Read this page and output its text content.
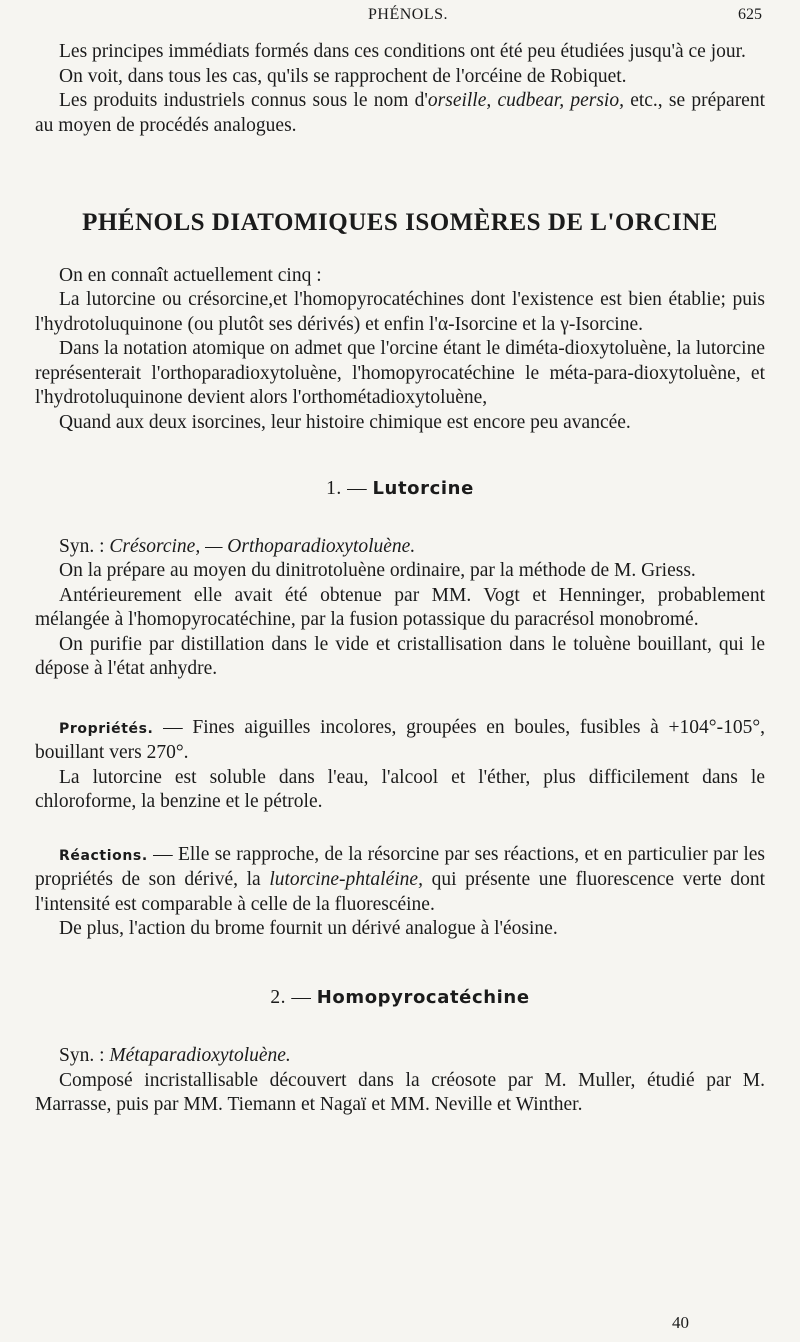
PHÉNOLS.	625

Les principes immédiats formés dans ces conditions ont été peu étudiées jusqu'à ce jour.

On voit, dans tous les cas, qu'ils se rapprochent de l'orcéine de Robiquet.

Les produits industriels connus sous le nom d'orseille, cudbear, persio, etc., se préparent au moyen de procédés analogues.

PHÉNOLS DIATOMIQUES ISOMÈRES DE L'ORCINE

On en connaît actuellement cinq :

La lutorcine ou crésorcine,et l'homopyrocatéchines dont l'existence est bien établie; puis l'hydrotoluquinone (ou plutôt ses dérivés) et enfin l'α-Isorcine et la γ-Isorcine.

Dans la notation atomique on admet que l'orcine étant le diméta-dioxytoluène, la lutorcine représenterait l'orthoparadioxytoluène, l'homopyrocatéchine le méta-para-dioxytoluène, et l'hydrotoluquinone devient alors l'orthométadioxytoluène,

Quand aux deux isorcines, leur histoire chimique est encore peu avancée.

1. — Lutorcine

Syn. : Crésorcine, — Orthoparadioxytoluène.

On la prépare au moyen du dinitrotoluène ordinaire, par la méthode de M. Griess.

Antérieurement elle avait été obtenue par MM. Vogt et Henninger, probablement mélangée à l'homopyrocatéchine, par la fusion potassique du paracrésol monobromé.

On purifie par distillation dans le vide et cristallisation dans le toluène bouillant, qui le dépose à l'état anhydre.

Propriétés. — Fines aiguilles incolores, groupées en boules, fusibles à +104°-105°, bouillant vers 270°.

La lutorcine est soluble dans l'eau, l'alcool et l'éther, plus difficilement dans le chloroforme, la benzine et le pétrole.

Réactions. — Elle se rapproche, de la résorcine par ses réactions, et en particulier par les propriétés de son dérivé, la lutorcine-phtaléine, qui présente une fluorescence verte dont l'intensité est comparable à celle de la fluorescéine.

De plus, l'action du brome fournit un dérivé analogue à l'éosine.

2. — Homopyrocatéchine

Syn. : Métaparadioxytoluène.

Composé incristallisable découvert dans la créosote par M. Muller, étudié par M. Marrasse, puis par MM. Tiemann et Nagaï et MM. Neville et Winther.

40
